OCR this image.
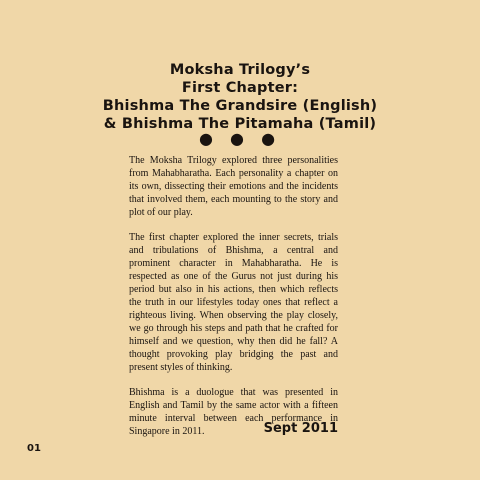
Moksha Trilogy’s
First Chapter:
Bhishma The Grandsire (English)
& Bhishma The Pitamaha (Tamil)
● ● ●

The Moksha Trilogy explored three personalities from Mahabharatha. Each personality a chapter on its own, dissecting their emotions and the incidents that involved them, each mounting to the story and plot of our play.

The first chapter explored the inner secrets, trials and tribulations of Bhishma, a central and prominent character in Mahabharatha. He is respected as one of the Gurus not just during his period but also in his actions, then which reflects the truth in our lifestyles today ones that reflect a righteous living. When observing the play closely, we go through his steps and path that he crafted for himself and we question, why then did he fall? A thought provoking play bridging the past and present styles of thinking.

Bhishma is a duologue that was presented in English and Tamil by the same actor with a fifteen minute interval between each performance in Singapore in 2011.	Sept 2011
01
